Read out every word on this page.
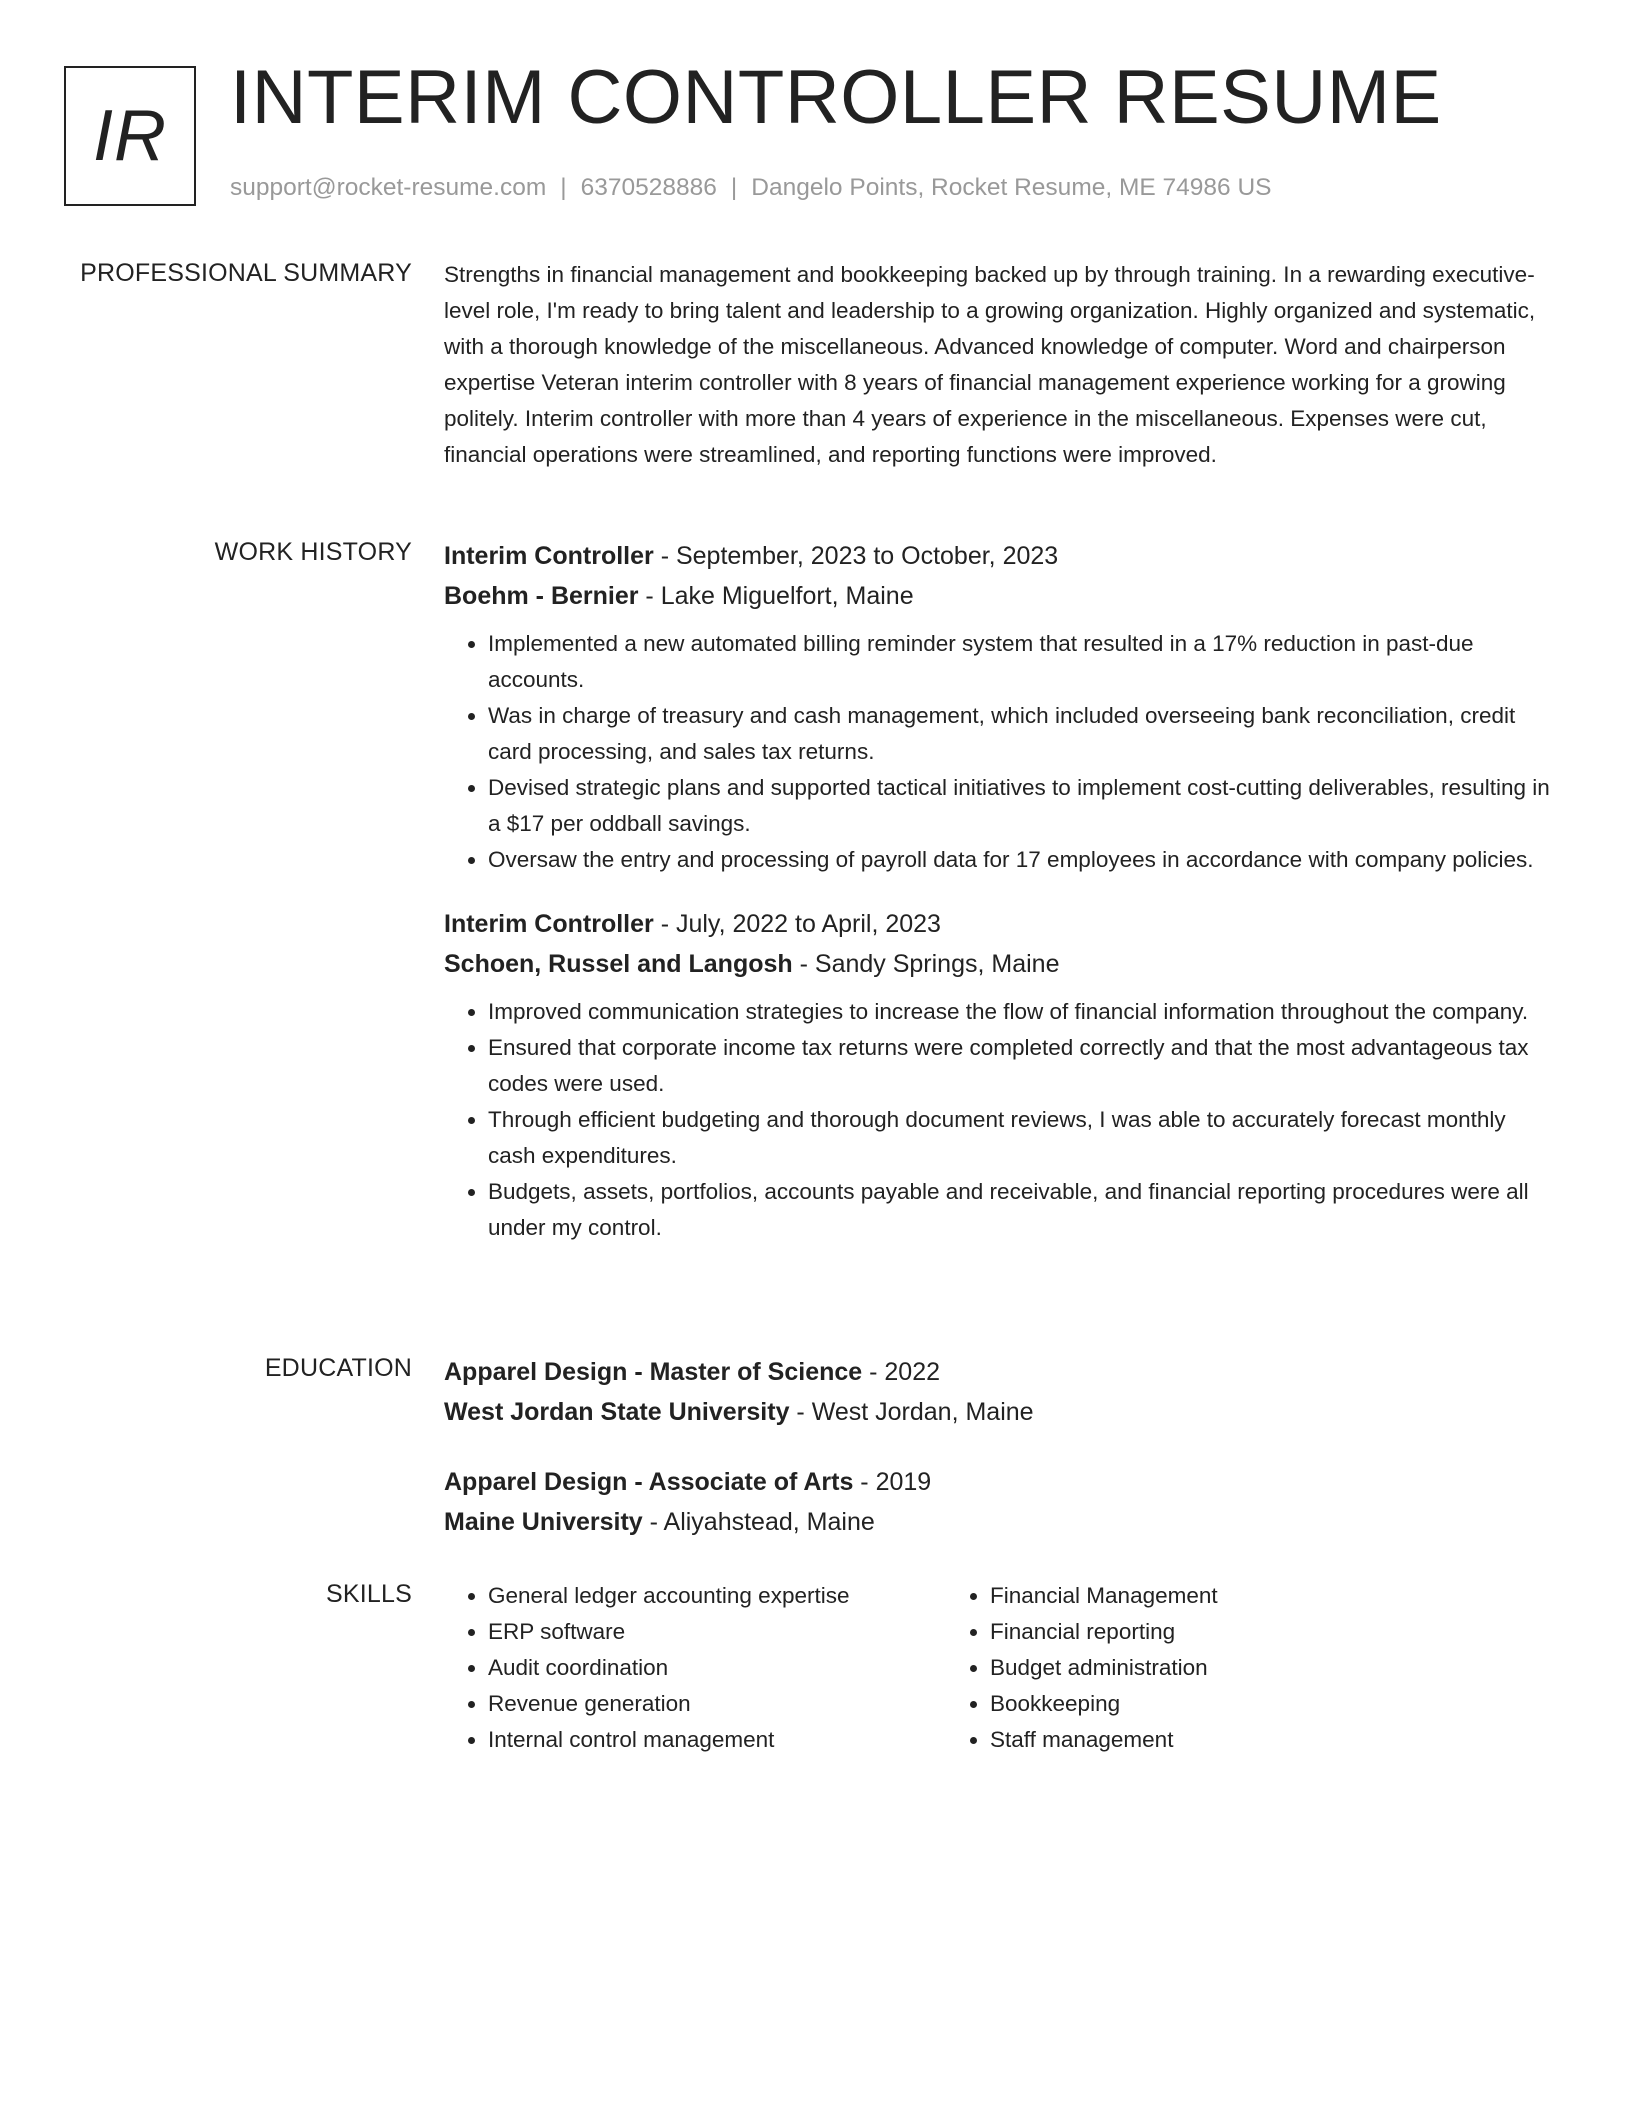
IR INTERIM CONTROLLER RESUME
support@rocket-resume.com | 6370528886 | Dangelo Points, Rocket Resume, ME 74986 US
PROFESSIONAL SUMMARY Strengths in financial management and bookkeeping backed up by through training. In a rewarding executive-level role, I'm ready to bring talent and leadership to a growing organization. Highly organized and systematic, with a thorough knowledge of the miscellaneous. Advanced knowledge of computer. Word and chairperson expertise Veteran interim controller with 8 years of financial management experience working for a growing politely. Interim controller with more than 4 years of experience in the miscellaneous. Expenses were cut, financial operations were streamlined, and reporting functions were improved.

WORK HISTORY Interim Controller - September, 2023 to October, 2023
Boehm - Bernier - Lake Miguelfort, Maine
• Implemented a new automated billing reminder system that resulted in a 17% reduction in past-due accounts.
• Was in charge of treasury and cash management, which included overseeing bank reconciliation, credit card processing, and sales tax returns.
• Devised strategic plans and supported tactical initiatives to implement cost-cutting deliverables, resulting in a $17 per oddball savings.
• Oversaw the entry and processing of payroll data for 17 employees in accordance with company policies.
Interim Controller - July, 2022 to April, 2023
Schoen, Russel and Langosh - Sandy Springs, Maine
• Improved communication strategies to increase the flow of financial information throughout the company.
• Ensured that corporate income tax returns were completed correctly and that the most advantageous tax codes were used.
• Through efficient budgeting and thorough document reviews, I was able to accurately forecast monthly cash expenditures.
• Budgets, assets, portfolios, accounts payable and receivable, and financial reporting procedures were all under my control.
EDUCATION Apparel Design - Master of Science - 2022
West Jordan State University - West Jordan, Maine
Apparel Design - Associate of Arts - 2019
Maine University - Aliyahstead, Maine
SKILLS
•	General ledger accounting expertise
• ERP software
• Audit coordination
• Revenue generation
• Internal control management
• Financial Management
• Financial reporting
• Budget administration
• Bookkeeping
• Staff management
